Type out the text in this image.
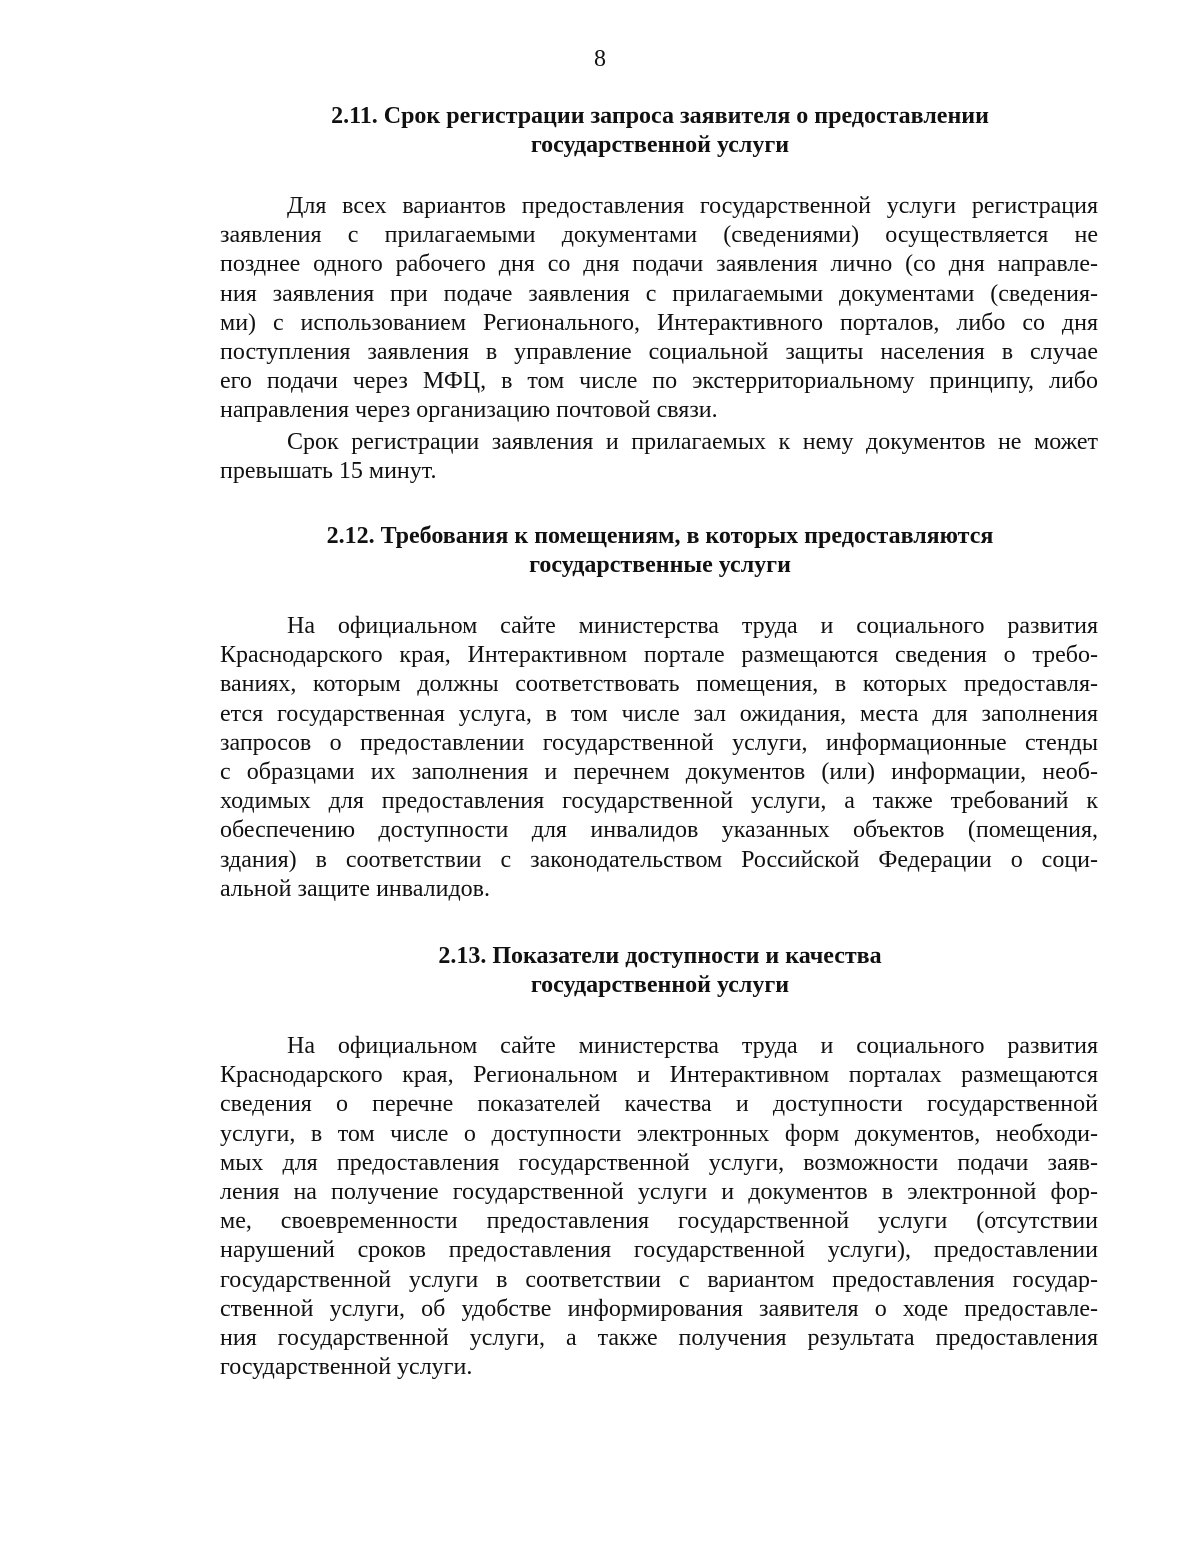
8
2.11. Срок регистрации запроса заявителя о предоставлении
государственной услуги
Для всех вариантов предоставления государственной услуги регистрация
заявления с прилагаемыми документами (сведениями) осуществляется не
позднее одного рабочего дня со дня подачи заявления лично (со дня направле-
ния заявления при подаче заявления с прилагаемыми документами (сведения-
ми) с использованием Регионального, Интерактивного порталов, либо со дня
поступления заявления в управление социальной защиты населения в случае
его подачи через МФЦ, в том числе по экстерриториальному принципу, либо
направления через организацию почтовой связи.
Срок регистрации заявления и прилагаемых к нему документов не может
превышать 15 минут.
2.12. Требования к помещениям, в которых предоставляются
государственные услуги
На официальном сайте министерства труда и социального развития
Краснодарского края, Интерактивном портале размещаются сведения о требо-
ваниях, которым должны соответствовать помещения, в которых предоставля-
ется государственная услуга, в том числе зал ожидания, места для заполнения
запросов о предоставлении государственной услуги, информационные стенды
с образцами их заполнения и перечнем документов (или) информации, необ-
ходимых для предоставления государственной услуги, а также требований к
обеспечению доступности для инвалидов указанных объектов (помещения,
здания) в соответствии с законодательством Российской Федерации о соци-
альной защите инвалидов.
2.13. Показатели доступности и качества
государственной услуги
На официальном сайте министерства труда и социального развития
Краснодарского края, Региональном и Интерактивном порталах размещаются
сведения о перечне показателей качества и доступности государственной
услуги, в том числе о доступности электронных форм документов, необходи-
мых для предоставления государственной услуги, возможности подачи заяв-
ления на получение государственной услуги и документов в электронной фор-
ме, своевременности предоставления государственной услуги (отсутствии
нарушений сроков предоставления государственной услуги), предоставлении
государственной услуги в соответствии с вариантом предоставления государ-
ственной услуги, об удобстве информирования заявителя о ходе предоставле-
ния государственной услуги, а также получения результата предоставления
государственной услуги.
